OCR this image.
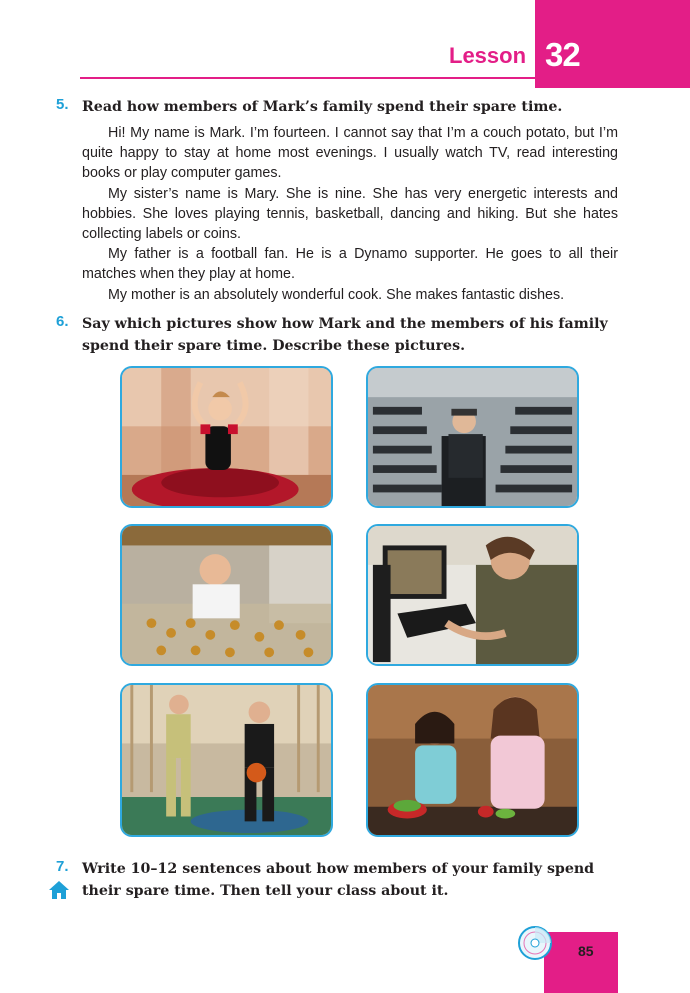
Lesson 32
5. Read how members of Mark’s family spend their spare time.

Hi! My name is Mark. I’m fourteen. I cannot say that I’m a couch potato, but I’m quite happy to stay at home most evenings. I usually watch TV, read interesting books or play computer games.

My sister’s name is Mary. She is nine. She has very energetic interests and hobbies. She loves playing tennis, basketball, dancing and hiking. But she hates collecting labels or coins.

My father is a football fan. He is a Dynamo supporter. He goes to all their matches when they play at home.

My mother is an absolutely wonderful cook. She makes fantastic dishes.

6. Say which pictures show how Mark and the members of his family spend their spare time. Describe these pictures.
7. Write 10–12 sentences about how members of your family spend their spare time. Then tell your class about it.
85
